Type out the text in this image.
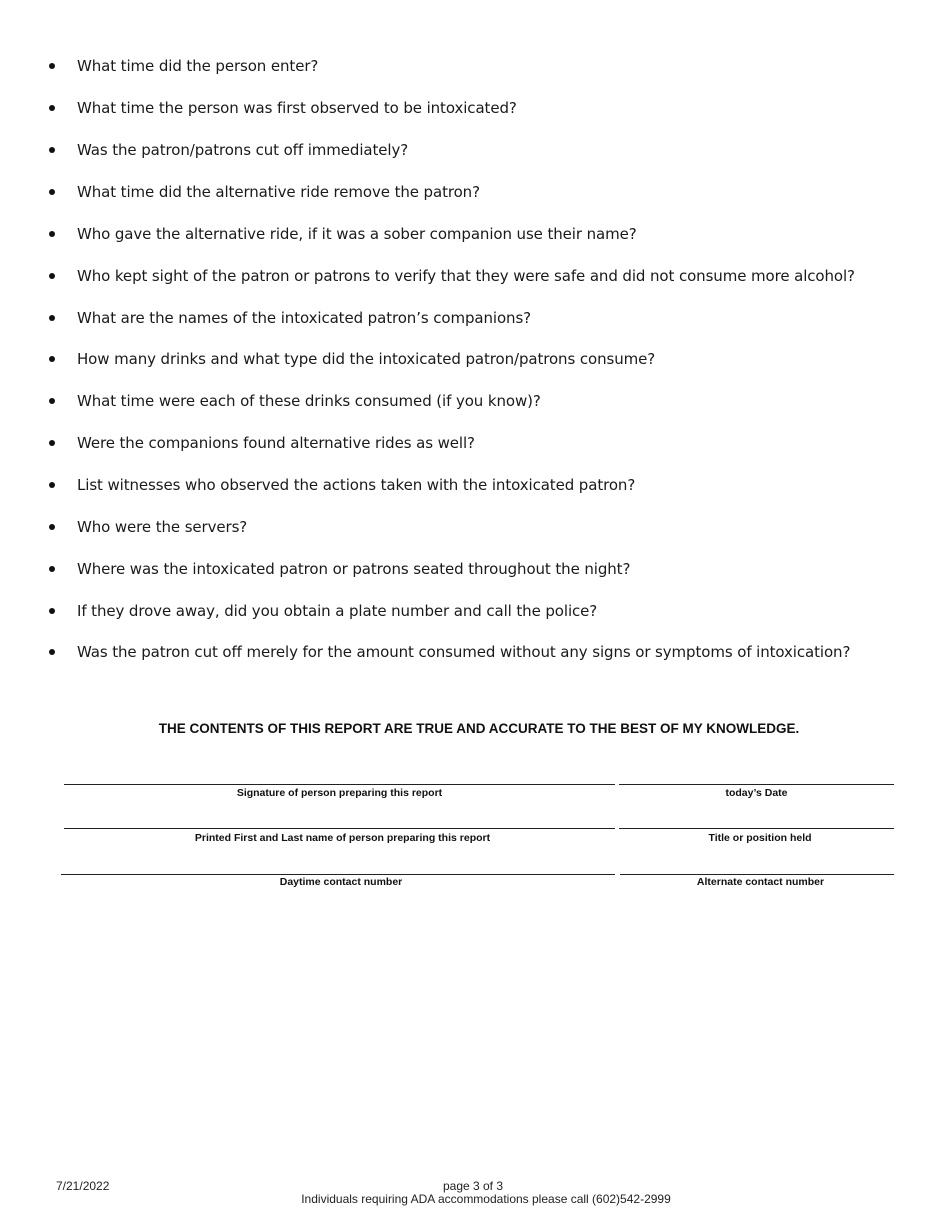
What time did the person enter?
What time the person was first observed to be intoxicated?
Was the patron/patrons cut off immediately?
What time did the alternative ride remove the patron?
Who gave the alternative ride, if it was a sober companion use their name?
Who kept sight of the patron or patrons to verify that they were safe and did not consume more alcohol?
What are the names of the intoxicated patron’s companions?
How many drinks and what type did the intoxicated patron/patrons consume?
What time were each of these drinks consumed (if you know)?
Were the companions found alternative rides as well?
List witnesses who observed the actions taken with the intoxicated patron?
Who were the servers?
Where was the intoxicated patron or patrons seated throughout the night?
If they drove away, did you obtain a plate number and call the police?
Was the patron cut off merely for the amount consumed without any signs or symptoms of intoxication?
THE CONTENTS OF THIS REPORT ARE TRUE AND ACCURATE TO THE BEST OF MY KNOWLEDGE.
Signature of person preparing this report	today’s Date
Printed First and Last name of person preparing this report	Title or position held
Daytime contact number	Alternate contact number
7/21/2022	page 3 of 3
Individuals requiring ADA accommodations please call (602)542-2999
